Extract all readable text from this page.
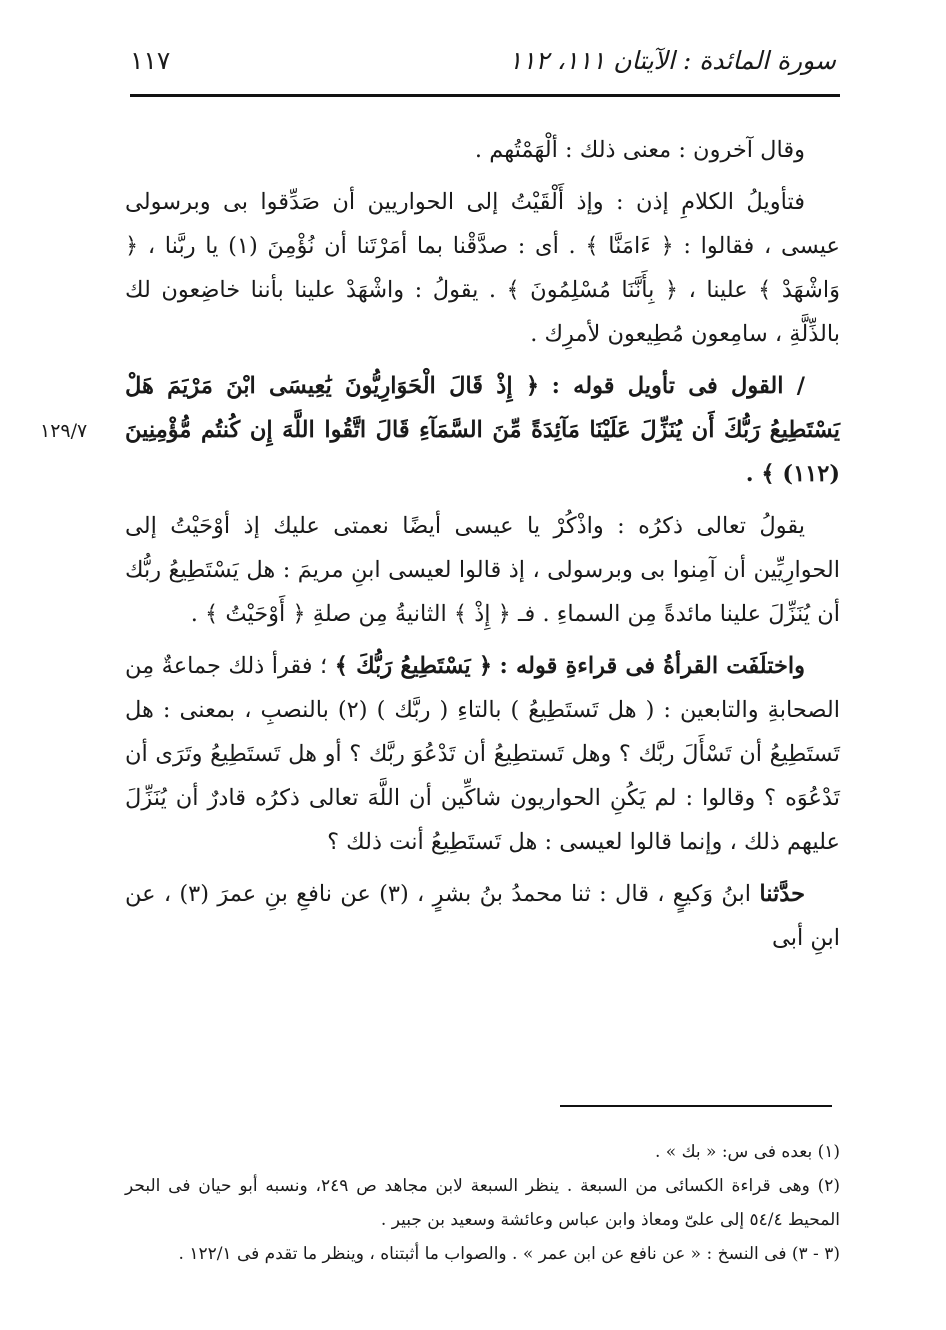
سورة المائدة : الآيتان ١١١، ١١٢
١١٧
١٢٩/٧

وقال آخرون : معنى ذلك : ألْهَمْتُهم .

فتأويلُ الكلامِ إذن : وإذ أَلْقَيْتُ إلى الحواريين أن صَدِّقوا بى وبرسولى عيسى ، فقالوا : ﴿ ءَامَنَّا ﴾ . أى : صدَّقْنا بما أمَرْتَنا أن نُؤْمِنَ (١) يا ربَّنا ، ﴿ وَاشْهَدْ ﴾ علينا ، ﴿ بِأَنَّنَا مُسْلِمُونَ ﴾ . يقولُ : واشْهَدْ علينا بأننا خاضِعون لك بالذِّلَّةِ ، سامِعون مُطِيعون لأمرِك .

/ القول فى تأويل قوله : ﴿ إِذْ قَالَ الْحَوَارِيُّونَ يَٰعِيسَى ابْنَ مَرْيَمَ هَلْ يَسْتَطِيعُ رَبُّكَ أَن يُنَزِّلَ عَلَيْنَا مَآئِدَةً مِّنَ السَّمَآءِ قَالَ اتَّقُوا اللَّهَ إِن كُنتُم مُّؤْمِنِينَ (١١٢) ﴾ .

يقولُ تعالى ذكرُه : واذْكُرْ يا عيسى أيضًا نعمتى عليك إذ أوْحَيْتُ إلى الحوارِيِّين أن آمِنوا بى وبرسولى ، إذ قالوا لعيسى ابنِ مريمَ : هل يَسْتَطِيعُ ربُّك أن يُنَزِّلَ علينا مائدةً مِن السماءِ . فـ ﴿ إِذْ ﴾ الثانيةُ مِن صلةِ ﴿ أَوْحَيْتُ ﴾ .

واختلَفَت القرأةُ فى قراءةِ قوله : ﴿ يَسْتَطِيعُ رَبُّكَ ﴾ ؛ فقرأ ذلك جماعةٌ مِن الصحابةِ والتابعين : ( هل تَستَطِيعُ ) بالتاءِ ( ربَّك ) (٢) بالنصبِ ، بمعنى : هل تَستَطِيعُ أن تَسْأَلَ ربَّك ؟ وهل تَستطِيعُ أن تَدْعُوَ ربَّك ؟ أو هل تَستَطِيعُ وتَرَى أن تَدْعُوَه ؟ وقالوا : لم يَكُنِ الحواريون شاكِّين أن اللَّهَ تعالى ذكرُه قادرٌ أن يُنَزِّلَ عليهم ذلك ، وإنما قالوا لعيسى : هل تَستَطِيعُ أنت ذلك ؟

حدَّثنا ابنُ وَكيعٍ ، قال : ثنا محمدُ بنُ بشرٍ ، (٣) عن نافعِ بنِ عمرَ (٣) ، عن ابنِ أبى

(١) بعده فى س: « بك » .
(٢) وهى قراءة الكسائى من السبعة . ينظر السبعة لابن مجاهد ص ٢٤٩، ونسبه أبو حيان فى البحر المحيط ٥٤/٤ إلى علىّ ومعاذ وابن عباس وعائشة وسعيد بن جبير .
(٣ - ٣) فى النسخ : « عن نافع عن ابن عمر » . والصواب ما أثبتناه ، وينظر ما تقدم فى ١٢٢/١ .
